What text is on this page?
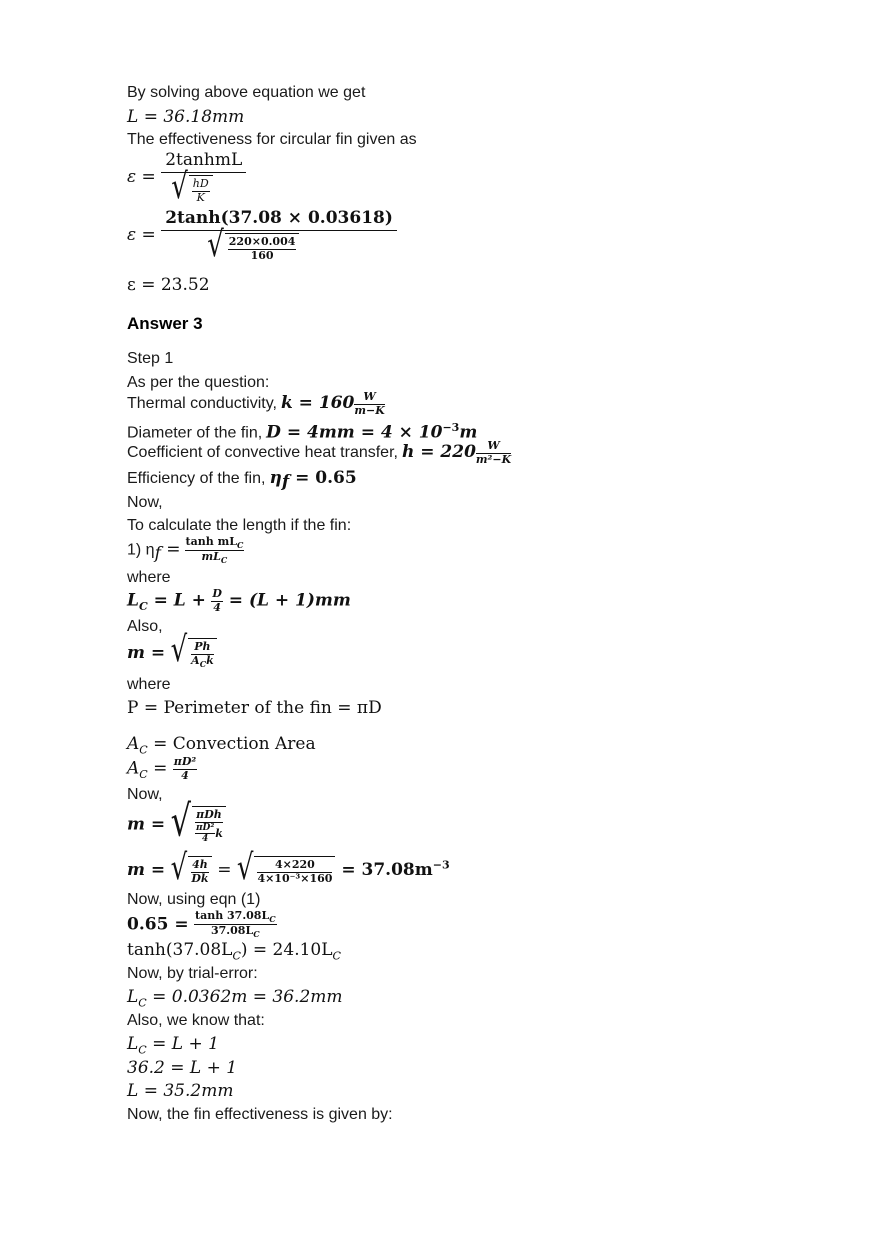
By solving above equation we get
L = 36.18mm
The effectiveness for circular fin given as
$\varepsilon = \frac{\text{2tanhmL}}{√ \frac{hD}{K}}$
ε =
2tanh(37.08 × 0.03618)
√ $\frac{220\times 0.004}{160}$
ε = 23.52
Answer 3
Step 1
As per the question:
Thermal conductivity, $k = 160 \frac{W}{m-K}$
Diameter of the fin, $D = 4mm = 4 \times 10^{-3}m$
Coefficient of convective heat transfer, $h = 220 \frac{W}{\text{m²−K}}$
Efficiency of the fin, $\eta_f = 0.65$
Now,
To calculate the length if the fin:
1) $\eta_f = \frac{\tanh mL_C}{mL_C}$
where
$L_C = L + \frac{D}{4} = (L + 1)mm$
Also,
m = √ $\frac{Ph}{A_Ck}$
where
P = Perimeter of the fin = πD
$A_C$ = Convection Area
$A_C = \frac{\text{πD²}}{4}$
Now,
m = √ $\frac{\text{πDh}}{\frac{\text{πD²}}{4} k}$
m = √ $\frac{4h}{Dk}$ = √ $\frac{4\times 220}{\text{4×10⁻³×160}} = 37.08m^{-3}$
Now, using eqn (1)
$0.65 = \frac{\tanh 37.08L_C}{37.08L_C}$
$\tanh(37.08L_C) = 24.10L_C$
Now, by trial-error:
$L_C = 0.0362m = 36.2mm$
Also, we know that:
$L_C = L + 1$
36.2 = L + 1
L = 35.2mm
Now, the fin effectiveness is given by:
